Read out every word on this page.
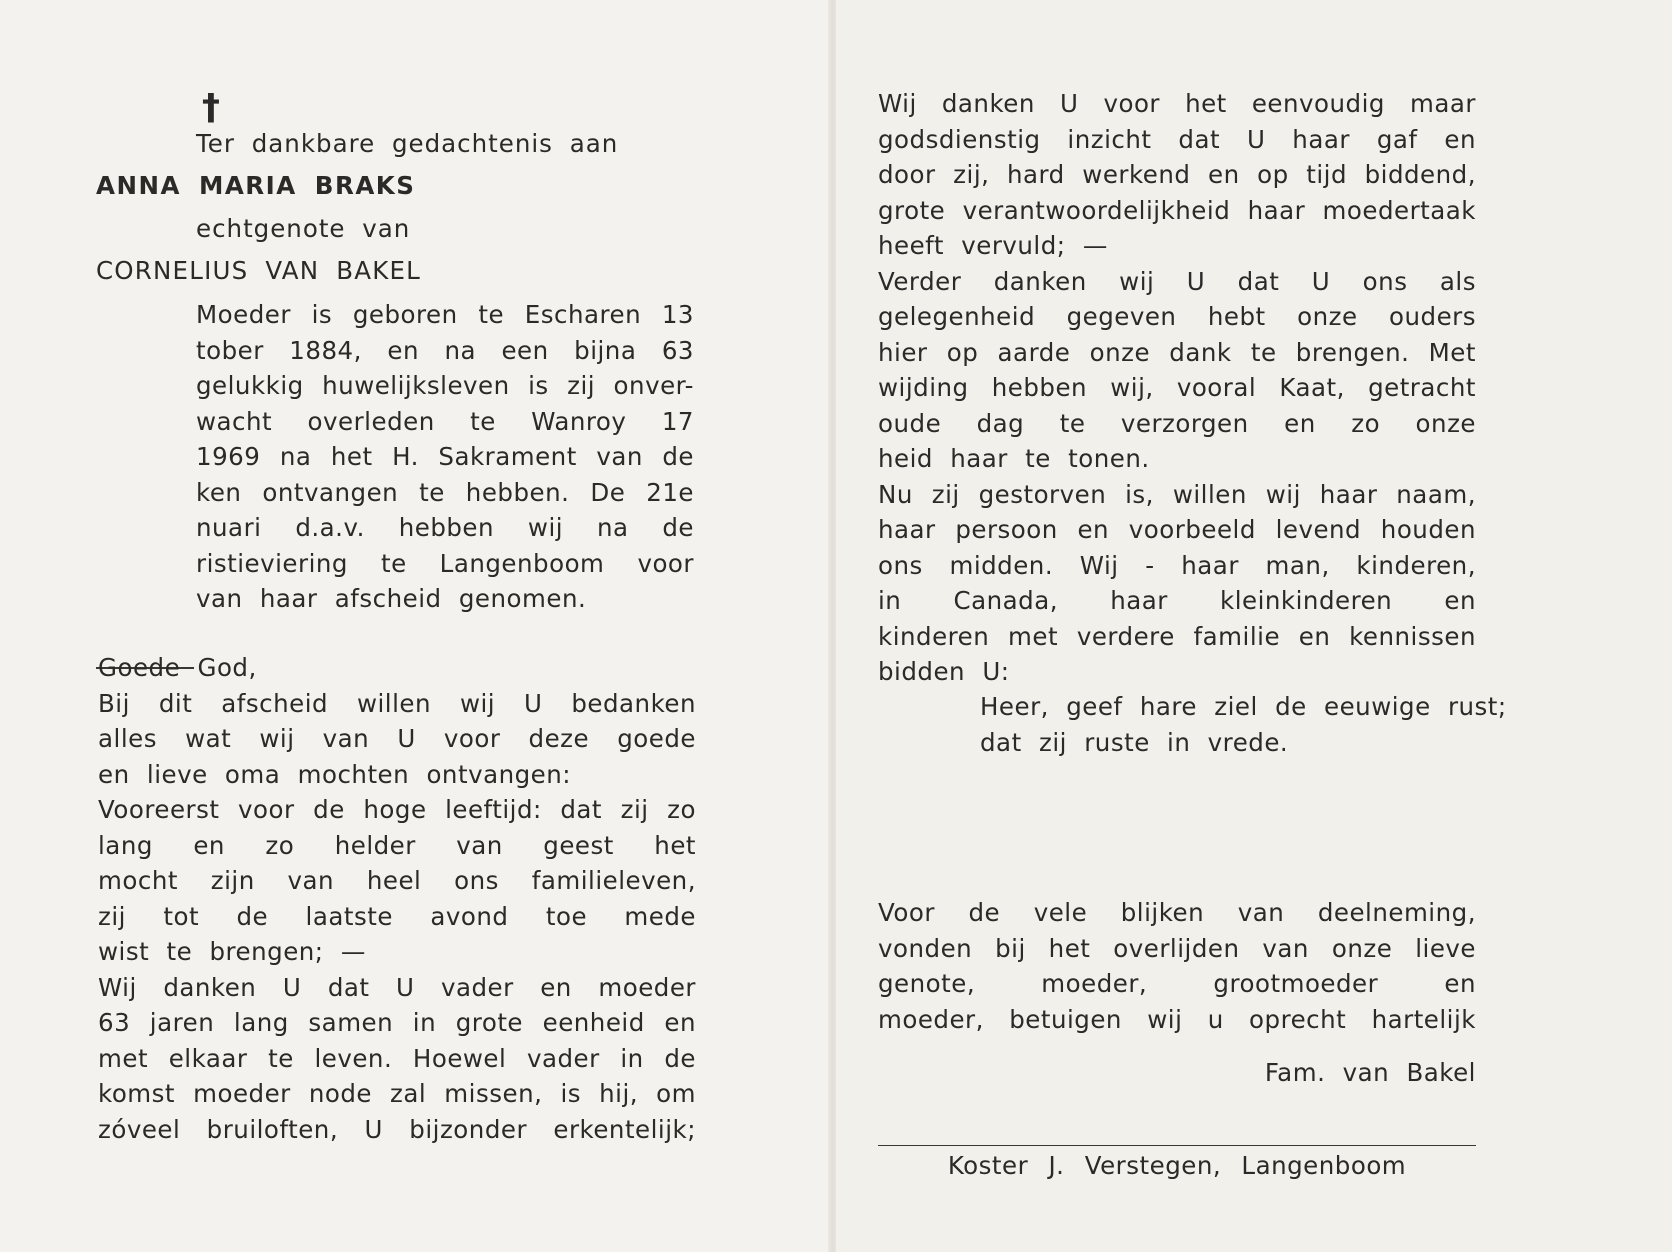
†
Ter dankbare gedachtenis aan
ANNA MARIA BRAKS
echtgenote van
CORNELIUS VAN BAKEL
Moeder is geboren te Escharen 13
tober 1884, en na een bijna 63
gelukkig huwelijksleven is zij onver-
wacht overleden te Wanroy 17
1969 na het H. Sakrament van de
ken ontvangen te hebben. De 21e
nuari d.a.v. hebben wij na de
ristieviering te Langenboom voor
van haar afscheid genomen.
Goede God,
Bij dit afscheid willen wij U bedanken
alles wat wij van U voor deze goede
en lieve oma mochten ontvangen:
Vooreerst voor de hoge leeftijd: dat zij zo
lang en zo helder van geest het
mocht zijn van heel ons familieleven,
zij tot de laatste avond toe mede
wist te brengen; —
Wij danken U dat U vader en moeder
63 jaren lang samen in grote eenheid en
met elkaar te leven. Hoewel vader in de
komst moeder node zal missen, is hij, om
zóveel bruiloften, U bijzonder erkentelijk;
Wij danken U voor het eenvoudig maar
godsdienstig inzicht dat U haar gaf en
door zij, hard werkend en op tijd biddend,
grote verantwoordelijkheid haar moedertaak
heeft vervuld; —
Verder danken wij U dat U ons als
gelegenheid gegeven hebt onze ouders
hier op aarde onze dank te brengen. Met
wijding hebben wij, vooral Kaat, getracht
oude dag te verzorgen en zo onze
heid haar te tonen.
Nu zij gestorven is, willen wij haar naam,
haar persoon en voorbeeld levend houden
ons midden. Wij - haar man, kinderen,
in Canada, haar kleinkinderen en
kinderen met verdere familie en kennissen
bidden U:
Heer, geef hare ziel de eeuwige rust;
dat zij ruste in vrede.
Voor de vele blijken van deelneming,
vonden bij het overlijden van onze lieve
genote, moeder, grootmoeder en
moeder, betuigen wij u oprecht hartelijk
Fam. van Bakel
Koster J. Verstegen, Langenboom
